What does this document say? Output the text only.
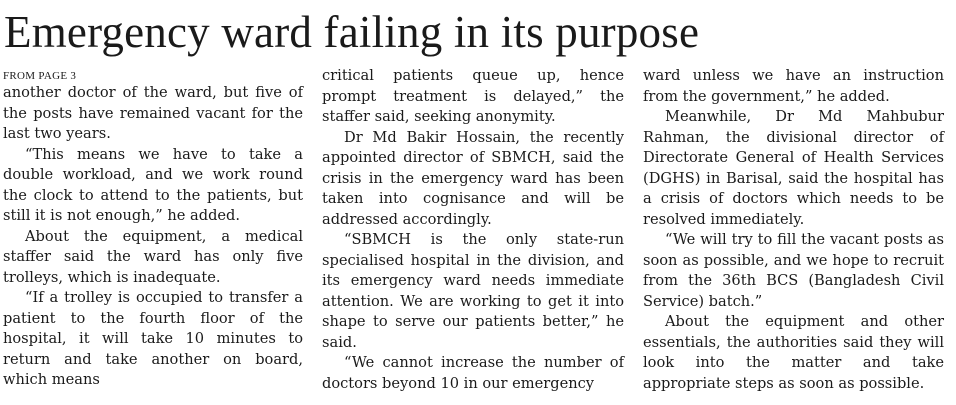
Emergency ward failing in its purpose
FROM PAGE 3

another doctor of the ward, but five of the posts have remained vacant for the last two years.

“This means we have to take a double workload, and we work round the clock to attend to the patients, but still it is not enough,” he added.

About the equipment, a medical staffer said the ward has only five trolleys, which is inadequate.

“If a trolley is occupied to transfer a patient to the fourth floor of the hospital, it will take 10 minutes to return and take another on board, which means

critical patients queue up, hence prompt treatment is delayed,” the staffer said, seeking anonymity.

Dr Md Bakir Hossain, the recently appointed director of SBMCH, said the crisis in the emergency ward has been taken into cognisance and will be addressed accordingly.

“SBMCH is the only state-run specialised hospital in the division, and its emergency ward needs immediate attention. We are working to get it into shape to serve our patients better,” he said.

“We cannot increase the number of doctors beyond 10 in our emergency

ward unless we have an instruction from the government,” he added.

Meanwhile, Dr Md Mahbubur Rahman, the divisional director of Directorate General of Health Services (DGHS) in Barisal, said the hospital has a crisis of doctors which needs to be resolved immediately.

“We will try to fill the vacant posts as soon as possible, and we hope to recruit from the 36th BCS (Bangladesh Civil Service) batch.”

About the equipment and other essentials, the authorities said they will look into the matter and take appropriate steps as soon as possible.
